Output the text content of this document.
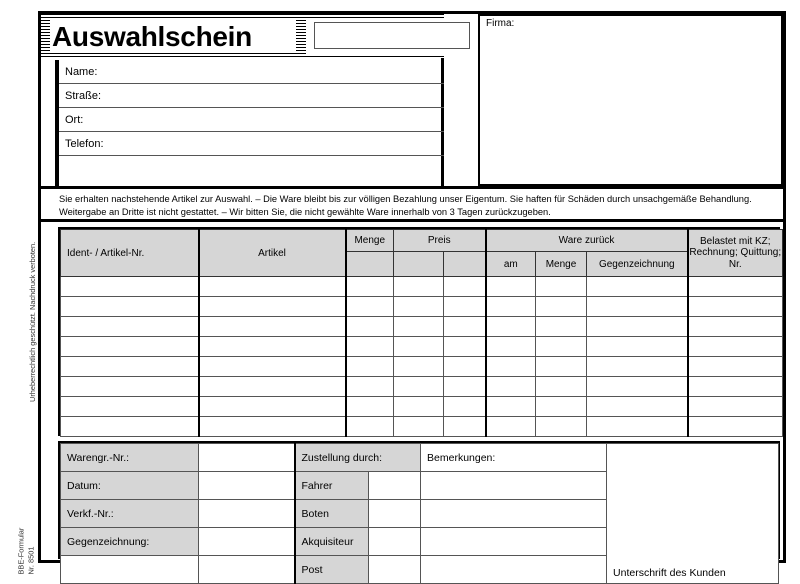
Urheberrechtlich geschützt. Nachdruck verboten.
BBE-Formular Nr. 8501
Auswahlschein
Name:
Straße:
Ort:
Telefon:
Firma:
Sie erhalten nachstehende Artikel zur Auswahl. – Die Ware bleibt bis zur völligen Bezahlung unser Eigentum. Sie haften für Schäden durch unsachgemäße Behandlung. Weitergabe an Dritte ist nicht gestattet. – Wir bitten Sie, die nicht gewählte Ware innerhalb von 3 Tagen zurückzugeben.
Ident- / Artikel-Nr.	Artikel	Menge	Preis		Ware zurück			Belastet mit KZ; Rechnung; Quittung; Nr.
					am	Menge	Gegenzeichnung	

Warengr.-Nr.:		Zustellung durch:		Bemerkungen:	Unterschrift des Kunden
Datum:		Fahrer			
Verkf.-Nr.:		Boten			
Gegenzeichnung:		Akquisiteur			
		Post			
